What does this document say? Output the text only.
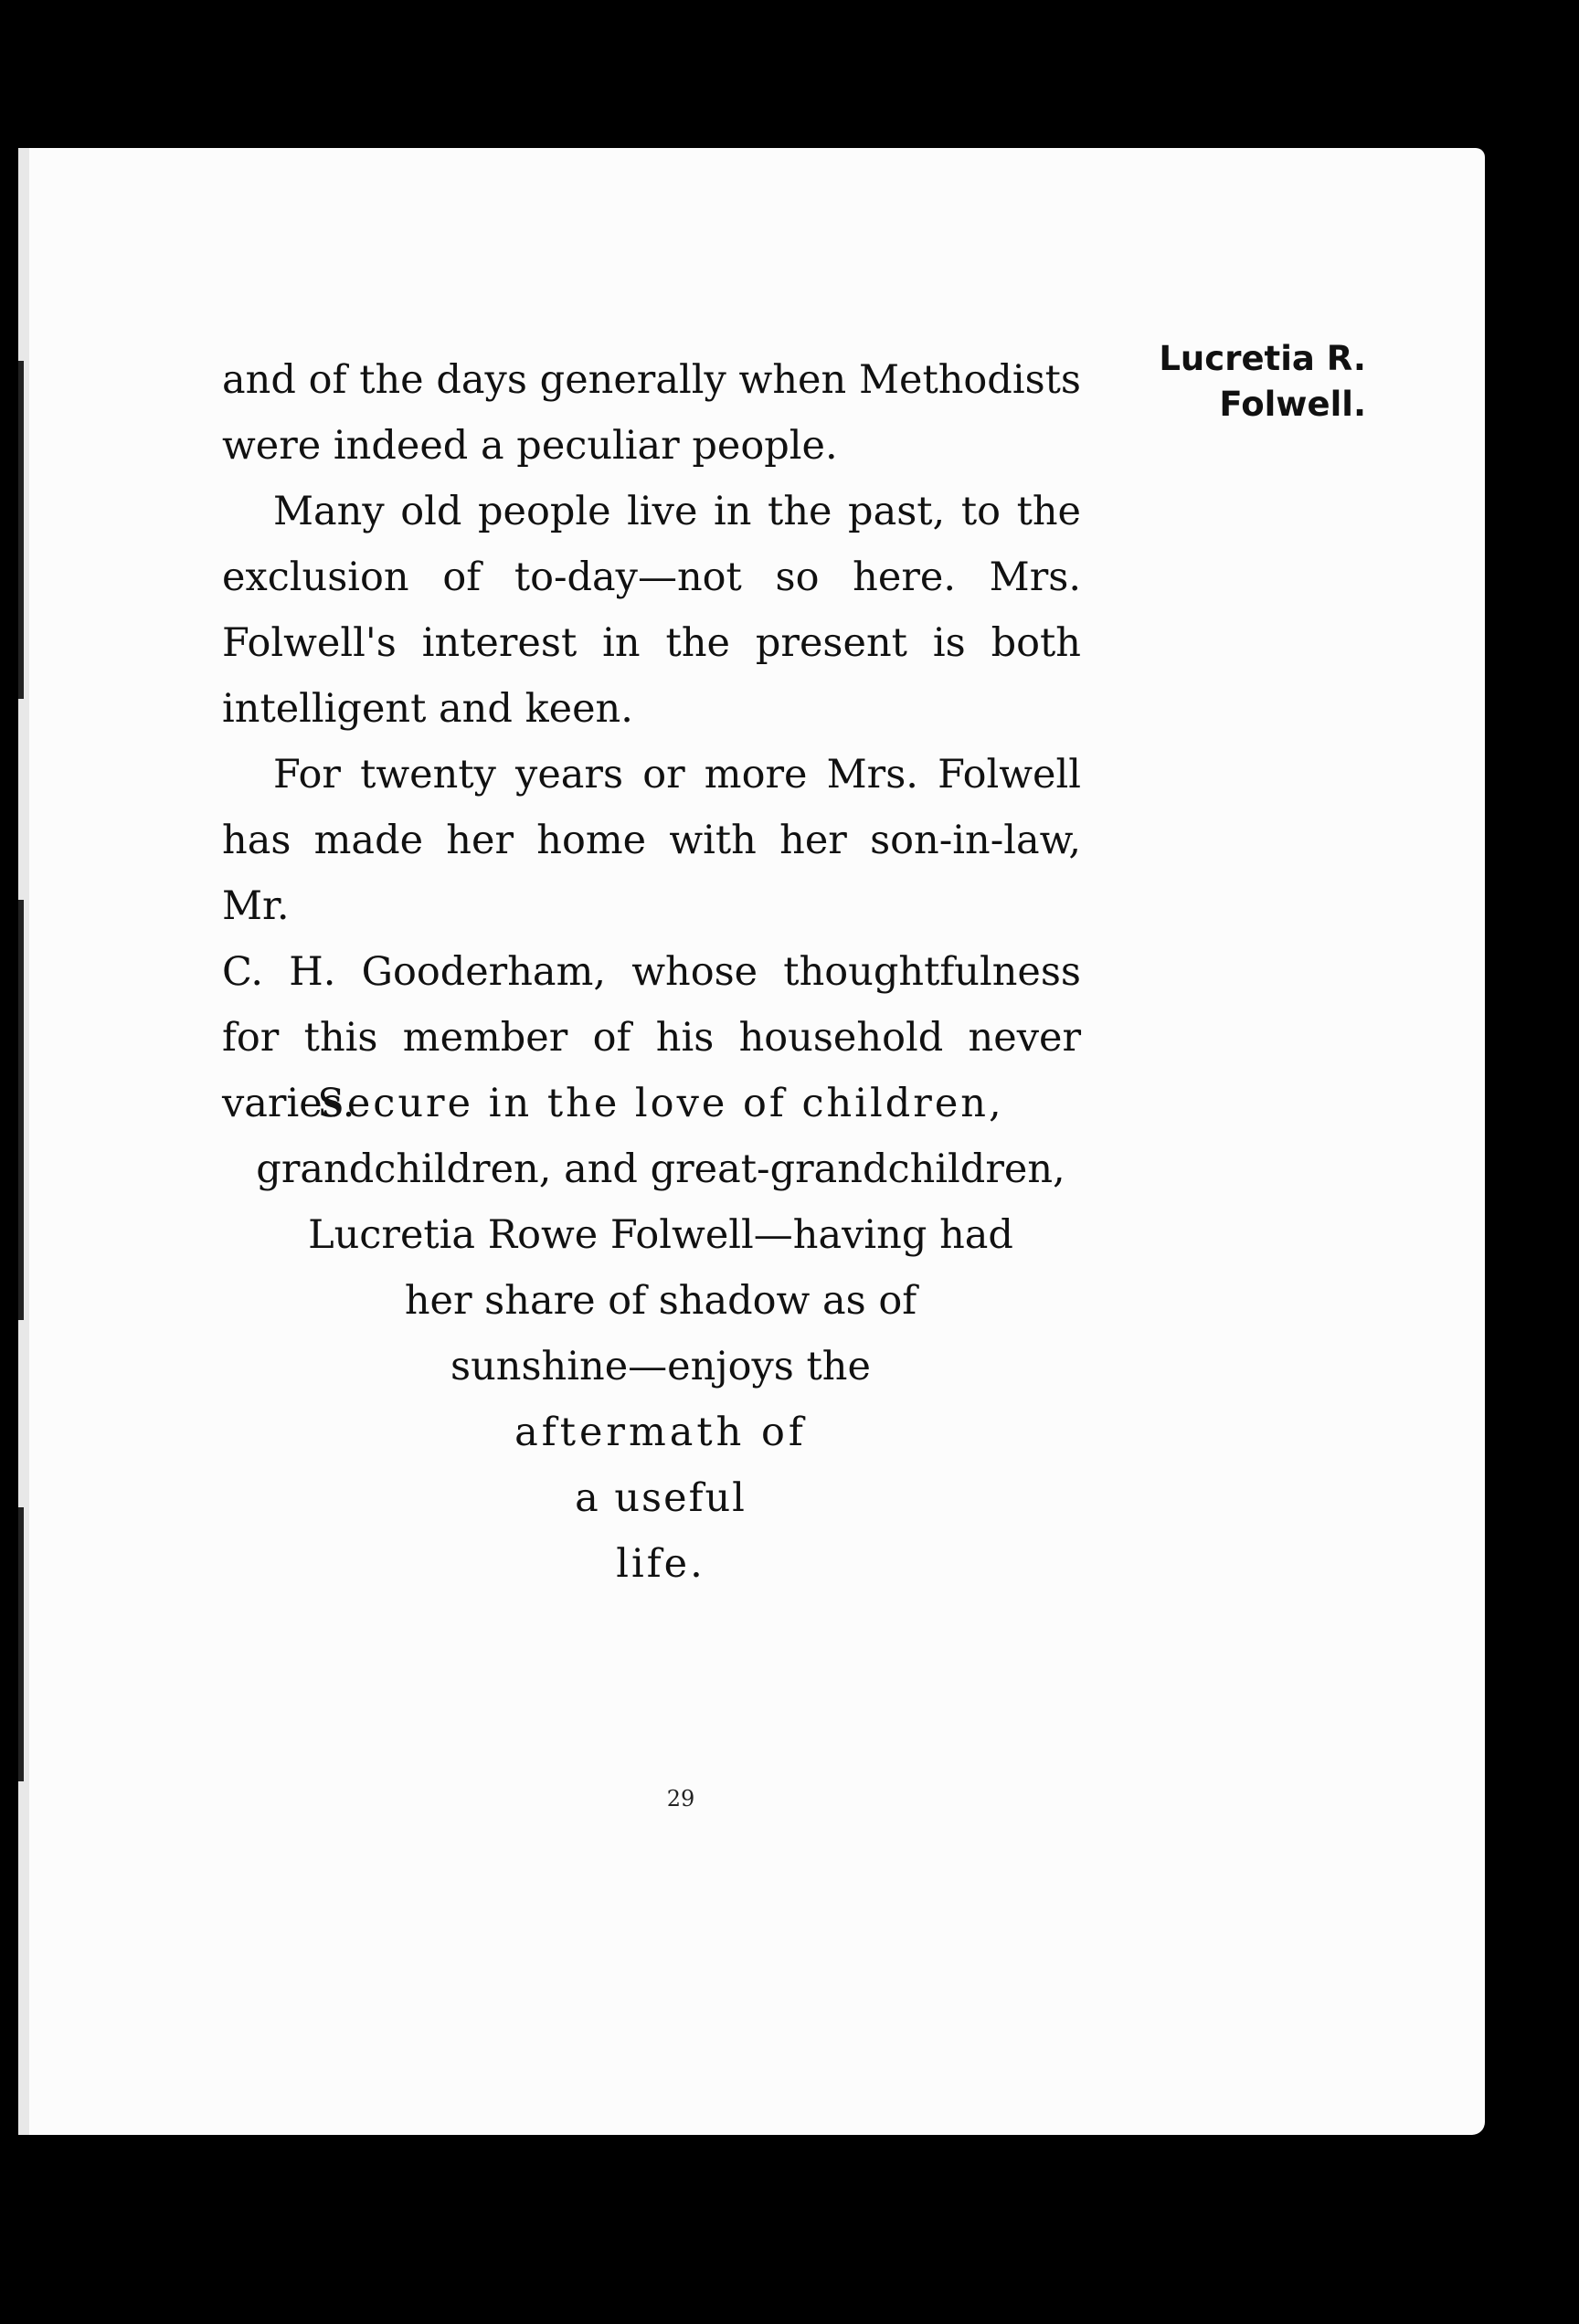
Lucretia R.
Folwell.

and of the days generally when Methodists
were indeed a peculiar people.

Many old people live in the past, to the
exclusion of to-day—not so here. Mrs.
Folwell's interest in the present is both
intelligent and keen.

For twenty years or more Mrs. Folwell
has made her home with her son-in-law, Mr.
C. H. Gooderham, whose thoughtfulness
for this member of his household never
varies.

Secure in the love of children,
grandchildren, and great-grandchildren,
Lucretia Rowe Folwell—having had
her share of shadow as of
sunshine—enjoys the
aftermath of
a useful
life.
29
